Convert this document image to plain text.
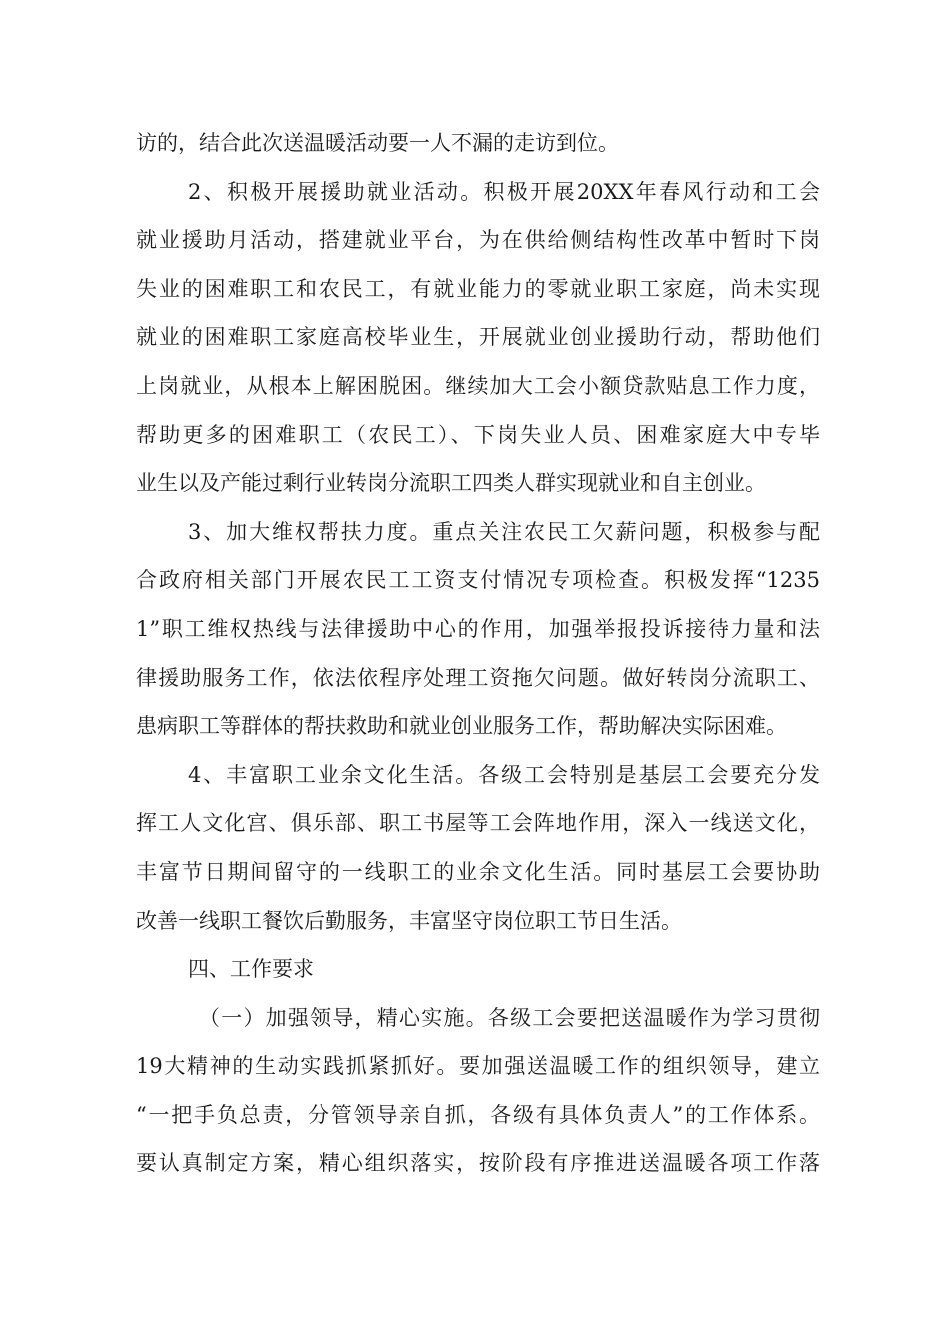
访的，结合此次送温暖活动要一人不漏的走访到位。
2、积极开展援助就业活动。积极开展20XX年春风行动和工会
就业援助月活动，搭建就业平台，为在供给侧结构性改革中暂时下岗
失业的困难职工和农民工，有就业能力的零就业职工家庭，尚未实现
就业的困难职工家庭高校毕业生，开展就业创业援助行动，帮助他们
上岗就业，从根本上解困脱困。继续加大工会小额贷款贴息工作力度，
帮助更多的困难职工（农民工）、下岗失业人员、困难家庭大中专毕
业生以及产能过剩行业转岗分流职工四类人群实现就业和自主创业。
3、加大维权帮扶力度。重点关注农民工欠薪问题，积极参与配
合政府相关部门开展农民工工资支付情况专项检查。积极发挥“1235
1”职工维权热线与法律援助中心的作用，加强举报投诉接待力量和法
律援助服务工作，依法依程序处理工资拖欠问题。做好转岗分流职工、
患病职工等群体的帮扶救助和就业创业服务工作，帮助解决实际困难。
4、丰富职工业余文化生活。各级工会特别是基层工会要充分发
挥工人文化宫、俱乐部、职工书屋等工会阵地作用，深入一线送文化，
丰富节日期间留守的一线职工的业余文化生活。同时基层工会要协助
改善一线职工餐饮后勤服务，丰富坚守岗位职工节日生活。
四、工作要求
（一）加强领导，精心实施。各级工会要把送温暖作为学习贯彻
19大精神的生动实践抓紧抓好。要加强送温暖工作的组织领导，建立
“一把手负总责，分管领导亲自抓，各级有具体负责人”的工作体系。
要认真制定方案，精心组织落实，按阶段有序推进送温暖各项工作落
